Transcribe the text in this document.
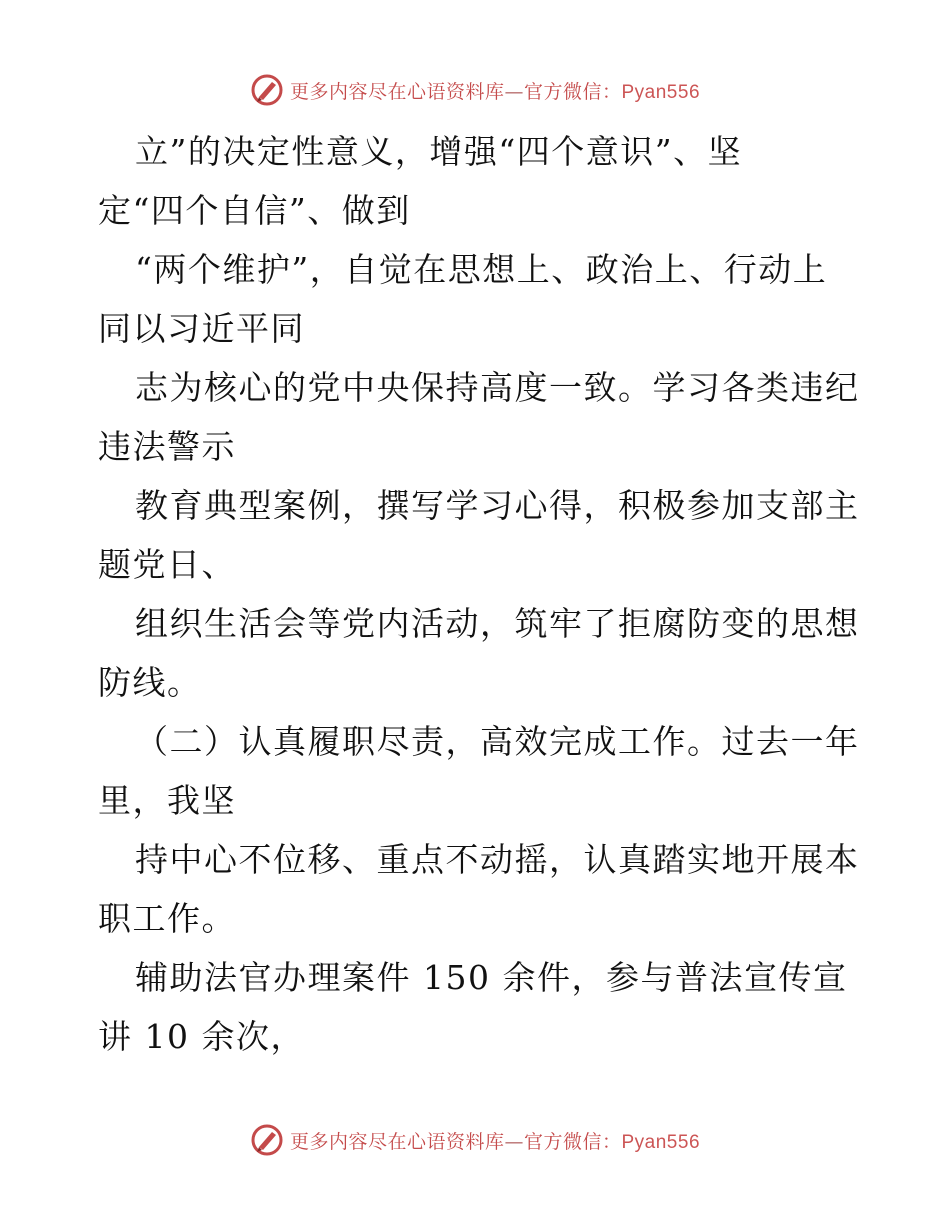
更多内容尽在心语资料库—官方微信：Pyan556
立”的决定性意义，增强“四个意识”、坚
定“四个自信”、做到
“两个维护”，自觉在思想上、政治上、行动上
同以习近平同
志为核心的党中央保持高度一致。学习各类违纪
违法警示
教育典型案例，撰写学习心得，积极参加支部主
题党日、
组织生活会等党内活动，筑牢了拒腐防变的思想
防线。
（二）认真履职尽责，高效完成工作。过去一年
里，我坚
持中心不位移、重点不动摇，认真踏实地开展本
职工作。
辅助法官办理案件 150 余件，参与普法宣传宣
讲 10 余次，
更多内容尽在心语资料库—官方微信：Pyan556
